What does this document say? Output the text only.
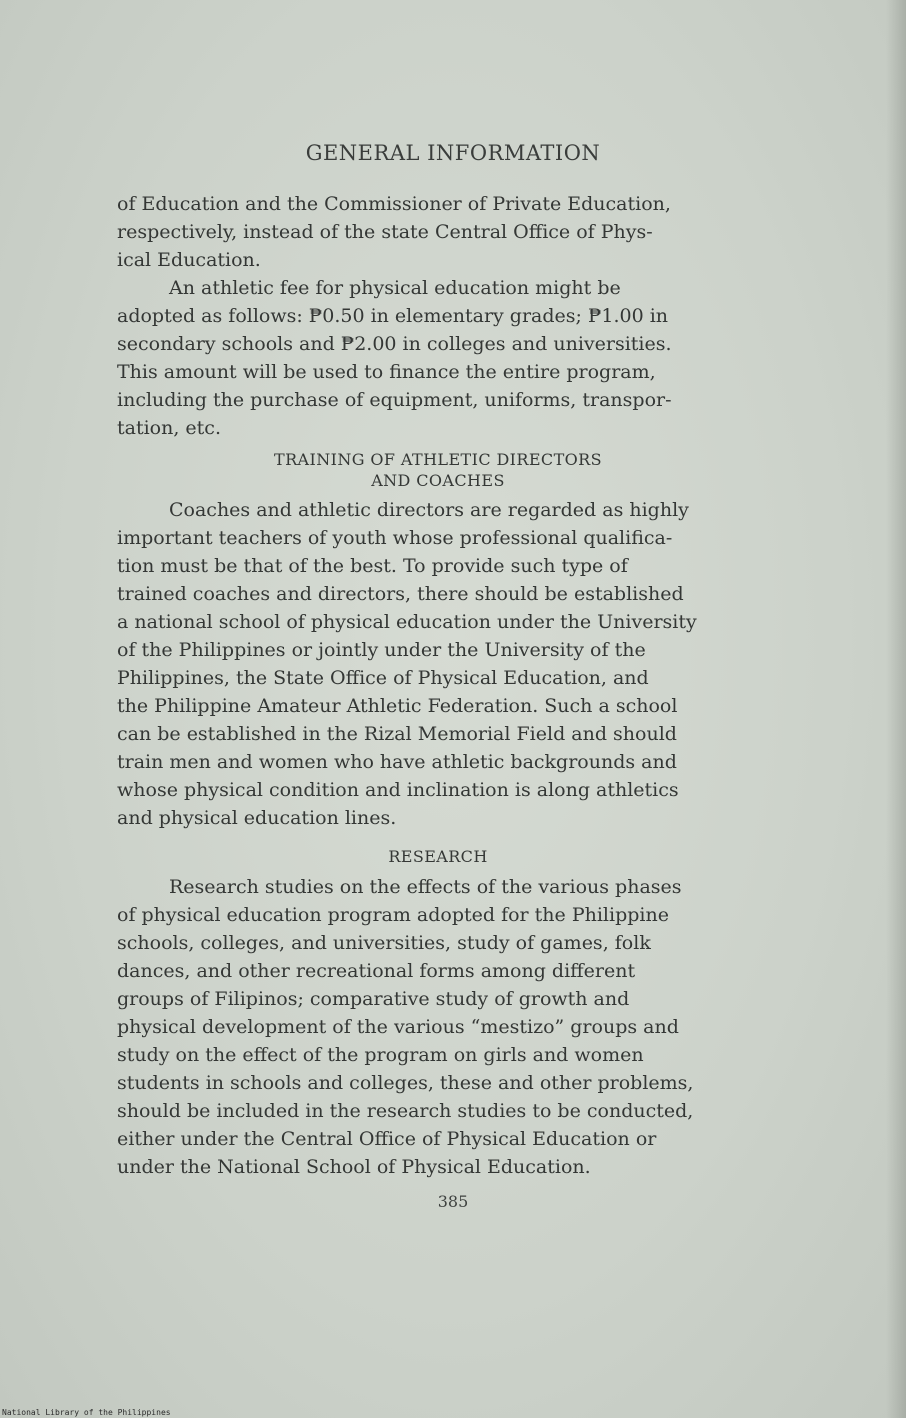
GENERAL INFORMATION

of Education and the Commissioner of Private Education,
respectively, instead of the state Central Office of Phys-
ical Education.

An athletic fee for physical education might be
adopted as follows: ₱0.50 in elementary grades; ₱1.00 in
secondary schools and ₱2.00 in colleges and universities.
This amount will be used to finance the entire program,
including the purchase of equipment, uniforms, transpor-
tation, etc.

TRAINING OF ATHLETIC DIRECTORS
AND COACHES

Coaches and athletic directors are regarded as highly
important teachers of youth whose professional qualifica-
tion must be that of the best. To provide such type of
trained coaches and directors, there should be established
a national school of physical education under the University
of the Philippines or jointly under the University of the
Philippines, the State Office of Physical Education, and
the Philippine Amateur Athletic Federation. Such a school
can be established in the Rizal Memorial Field and should
train men and women who have athletic backgrounds and
whose physical condition and inclination is along athletics
and physical education lines.

RESEARCH

Research studies on the effects of the various phases
of physical education program adopted for the Philippine
schools, colleges, and universities, study of games, folk
dances, and other recreational forms among different
groups of Filipinos; comparative study of growth and
physical development of the various “mestizo” groups and
study on the effect of the program on girls and women
students in schools and colleges, these and other problems,
should be included in the research studies to be conducted,
either under the Central Office of Physical Education or
under the National School of Physical Education.

385
National Library of the Philippines
